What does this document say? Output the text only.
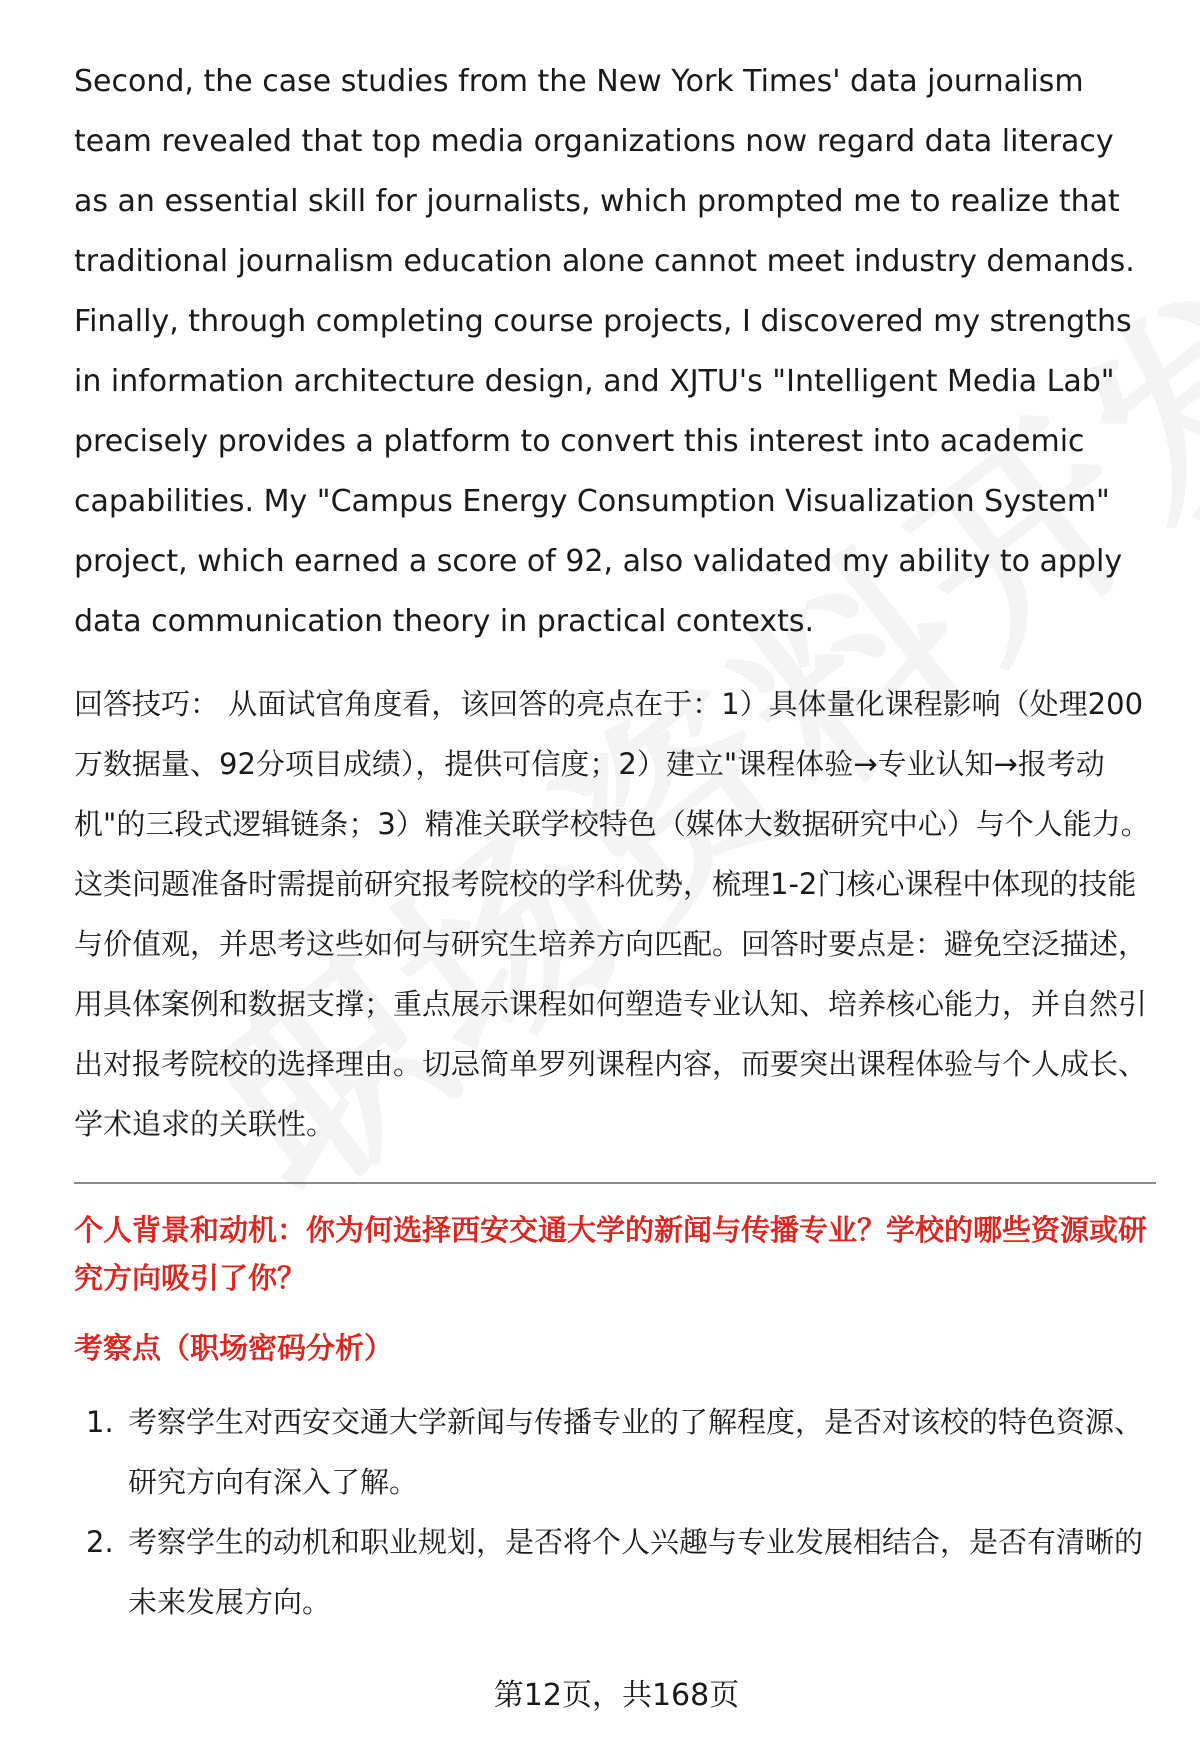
Second, the case studies from the New York Times' data journalism team revealed that top media organizations now regard data literacy as an essential skill for journalists, which prompted me to realize that traditional journalism education alone cannot meet industry demands. Finally, through completing course projects, I discovered my strengths in information architecture design, and XJTU's "Intelligent Media Lab" precisely provides a platform to convert this interest into academic capabilities. My "Campus Energy Consumption Visualization System" project, which earned a score of 92, also validated my ability to apply data communication theory in practical contexts.

回答技巧： 从面试官角度看，该回答的亮点在于：1）具体量化课程影响（处理200万数据量、92分项目成绩），提供可信度；2）建立"课程体验→专业认知→报考动机"的三段式逻辑链条；3）精准关联学校特色（媒体大数据研究中心）与个人能力。这类问题准备时需提前研究报考院校的学科优势，梳理1-2门核心课程中体现的技能与价值观，并思考这些如何与研究生培养方向匹配。回答时要点是：避免空泛描述，用具体案例和数据支撑；重点展示课程如何塑造专业认知、培养核心能力，并自然引出对报考院校的选择理由。切忌简单罗列课程内容，而要突出课程体验与个人成长、学术追求的关联性。

个人背景和动机：你为何选择西安交通大学的新闻与传播专业？学校的哪些资源或研究方向吸引了你？

考察点（职场密码分析）

1. 考察学生对西安交通大学新闻与传播专业的了解程度，是否对该校的特色资源、研究方向有深入了解。
2. 考察学生的动机和职业规划，是否将个人兴趣与专业发展相结合，是否有清晰的未来发展方向。
第12页，共168页
